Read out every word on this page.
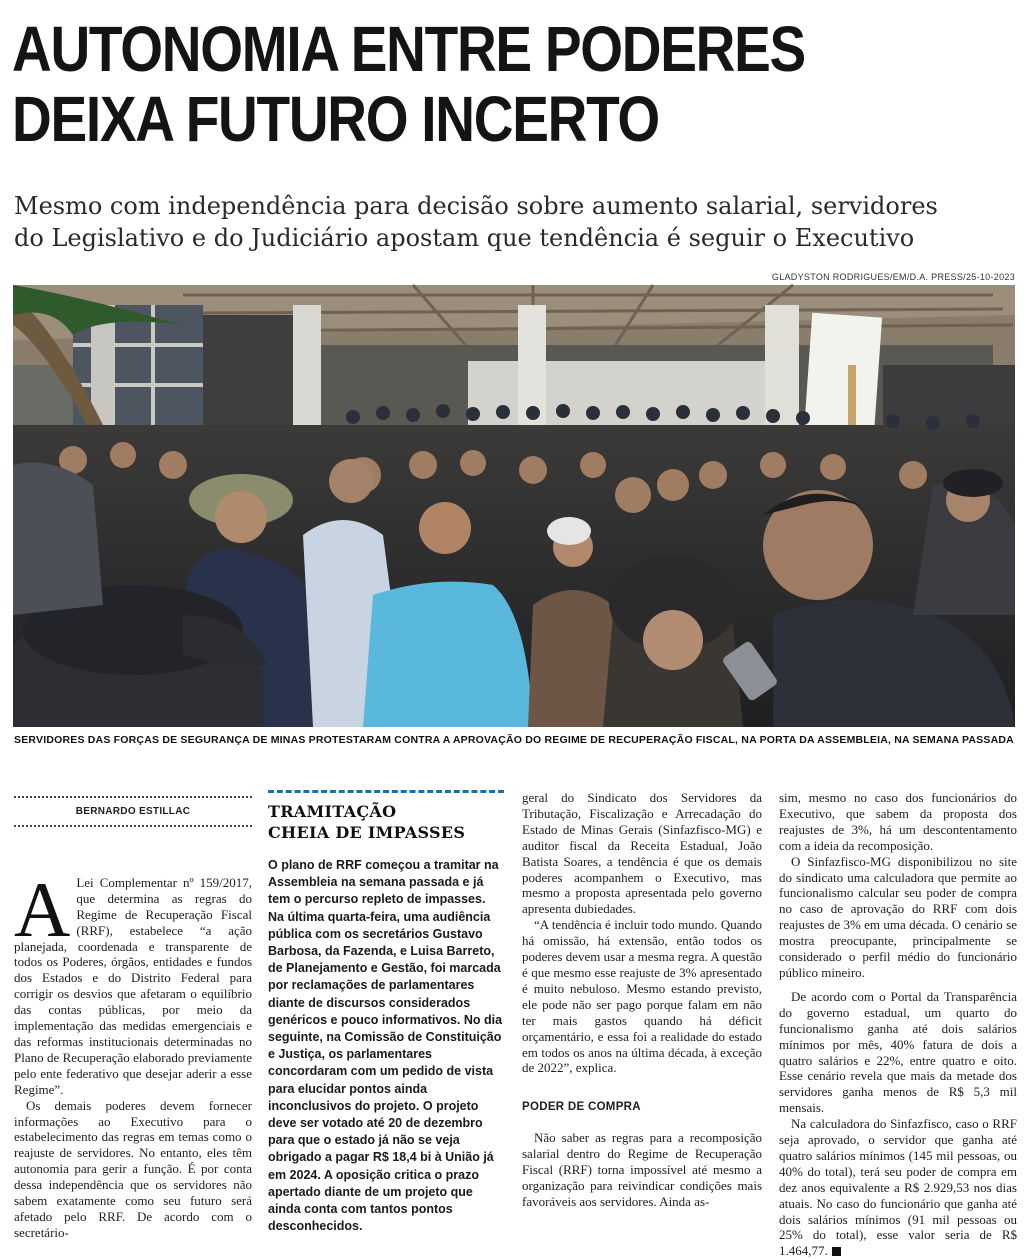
AUTONOMIA ENTRE PODERES
DEIXA FUTURO INCERTO
Mesmo com independência para decisão sobre aumento salarial, servidores
do Legislativo e do Judiciário apostam que tendência é seguir o Executivo
GLADYSTON RODRIGUES/EM/D.A. PRESS/25-10-2023
SERVIDORES DAS FORÇAS DE SEGURANÇA DE MINAS PROTESTARAM CONTRA A APROVAÇÃO DO REGIME DE RECUPERAÇÃO FISCAL, NA PORTA DA ASSEMBLEIA, NA SEMANA PASSADA
BERNARDO ESTILLAC

A Lei Complementar nº 159/2017, que determina as regras do Regime de Recuperação Fiscal (RRF), estabelece “a ação planejada, coordenada e transparente de todos os Poderes, órgãos, entidades e fundos dos Estados e do Distrito Federal para corrigir os desvios que afetaram o equilíbrio das contas públicas, por meio da implementação das medidas emergenciais e das reformas institucionais determinadas no Plano de Recuperação elaborado previamente pelo ente federativo que desejar aderir a esse Regime”.

Os demais poderes devem fornecer informações ao Executivo para o estabelecimento das regras em temas como o reajuste de servidores. No entanto, eles têm autonomia para gerir a função. É por conta dessa independência que os servidores não sabem exatamente como seu futuro será afetado pelo RRF. De acordo com o secretário-

TRAMITAÇÃO
CHEIA DE IMPASSES
O plano de RRF começou a tramitar na Assembleia na semana passada e já tem o percurso repleto de impasses. Na última quarta-feira, uma audiência pública com os secretários Gustavo Barbosa, da Fazenda, e Luisa Barreto, de Planejamento e Gestão, foi marcada por reclamações de parlamentares diante de discursos considerados genéricos e pouco informativos. No dia seguinte, na Comissão de Constituição e Justiça, os parlamentares concordaram com um pedido de vista para elucidar pontos ainda inconclusivos do projeto. O projeto deve ser votado até 20 de dezembro para que o estado já não se veja obrigado a pagar R$ 18,4 bi à União já em 2024. A oposição critica o prazo apertado diante de um projeto que ainda conta com tantos pontos desconhecidos.

geral do Sindicato dos Servidores da Tributação, Fiscalização e Arrecadação do Estado de Minas Gerais (Sinfazfisco-MG) e auditor fiscal da Receita Estadual, João Batista Soares, a tendência é que os demais poderes acompanhem o Executivo, mas mesmo a proposta apresentada pelo governo apresenta dubiedades.

“A tendência é incluir todo mundo. Quando há omissão, há extensão, então todos os poderes devem usar a mesma regra. A questão é que mesmo esse reajuste de 3% apresentado é muito nebuloso. Mesmo estando previsto, ele pode não ser pago porque falam em não ter mais gastos quando há déficit orçamentário, e essa foi a realidade do estado em todos os anos na última década, à exceção de 2022”, explica.

PODER DE COMPRA

Não saber as regras para a recomposição salarial dentro do Regime de Recuperação Fiscal (RRF) torna impossível até mesmo a organização para reivindicar condições mais favoráveis aos servidores. Ainda as-

sim, mesmo no caso dos funcionários do Executivo, que sabem da proposta dos reajustes de 3%, há um descontentamento com a ideia da recomposição.

O Sinfazfisco-MG disponibilizou no site do sindicato uma calculadora que permite ao funcionalismo calcular seu poder de compra no caso de aprovação do RRF com dois reajustes de 3% em uma década. O cenário se mostra preocupante, principalmente se considerado o perfil médio do funcionário público mineiro.

De acordo com o Portal da Transparência do governo estadual, um quarto do funcionalismo ganha até dois salários mínimos por mês, 40% fatura de dois a quatro salários e 22%, entre quatro e oito. Esse cenário revela que mais da metade dos servidores ganha menos de R$ 5,3 mil mensais.

Na calculadora do Sinfazfisco, caso o RRF seja aprovado, o servidor que ganha até quatro salários mínimos (145 mil pessoas, ou 40% do total), terá seu poder de compra em dez anos equivalente a R$ 2.929,53 nos dias atuais. No caso do funcionário que ganha até dois salários mínimos (91 mil pessoas ou 25% do total), esse valor seria de R$ 1.464,77.
